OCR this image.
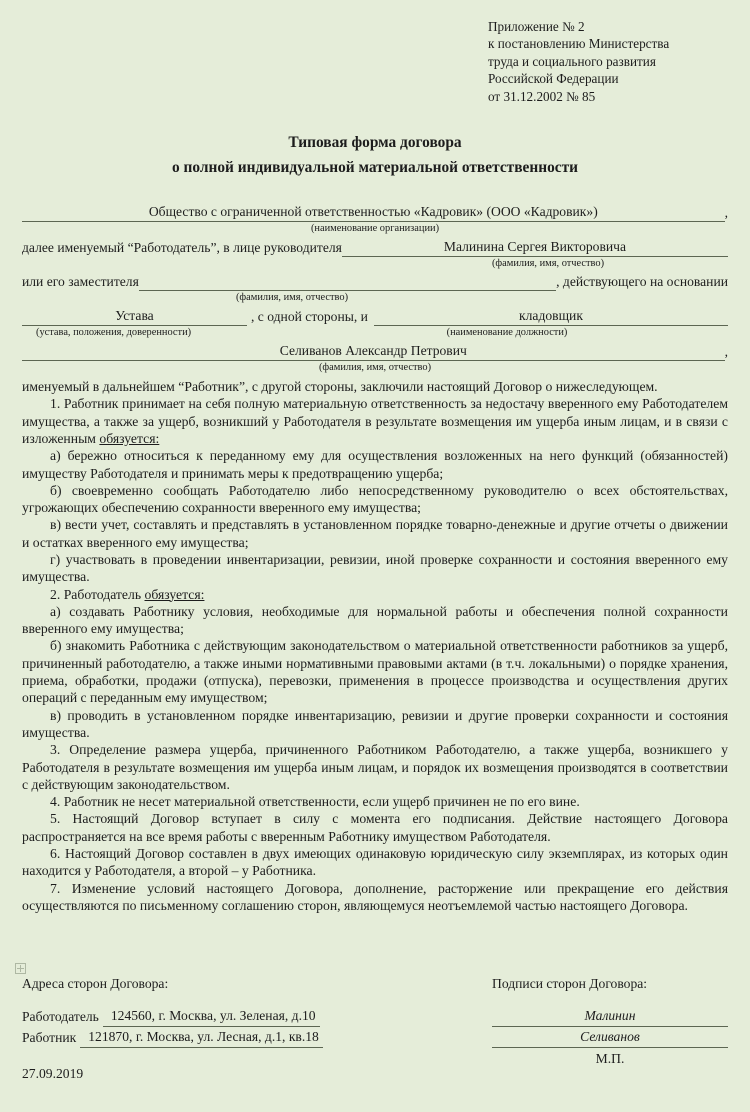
Приложение № 2
к постановлению Министерства
труда и социального развития
Российской Федерации
от 31.12.2002 № 85
Типовая форма договора
о полной индивидуальной материальной ответственности
Общество с ограниченной ответственностью «Кадровик» (ООО «Кадровик»)	,
(наименование организации)
далее именуемый “Работодатель”, в лице руководителя	Малинина Сергея Викторовича
(фамилия, имя, отчество)
или его заместителя	, действующего на основании
(фамилия, имя, отчество)
Устава	, с одной стороны, и	кладовщик
(устава, положения, доверенности)	(наименование должности)
Селиванов Александр Петрович	,
(фамилия, имя, отчество)

именуемый в дальнейшем “Работник”, с другой стороны, заключили настоящий Договор о нижеследующем.

1. Работник принимает на себя полную материальную ответственность за недостачу вверенного ему Работодателем имущества, а также за ущерб, возникший у Работодателя в результате возмещения им ущерба иным лицам, и в связи с изложенным обязуется:

а) бережно относиться к переданному ему для осуществления возложенных на него функций (обязанностей) имуществу Работодателя и принимать меры к предотвращению ущерба;

б) своевременно сообщать Работодателю либо непосредственному руководителю о всех обстоятельствах, угрожающих обеспечению сохранности вверенного ему имущества;

в) вести учет, составлять и представлять в установленном порядке товарно-денежные и другие отчеты о движении и остатках вверенного ему имущества;

г) участвовать в проведении инвентаризации, ревизии, иной проверке сохранности и состояния вверенного ему имущества.

2. Работодатель обязуется:

а) создавать Работнику условия, необходимые для нормальной работы и обеспечения полной сохранности вверенного ему имущества;

б) знакомить Работника с действующим законодательством о материальной ответственности работников за ущерб, причиненный работодателю, а также иными нормативными правовыми актами (в т.ч. локальными) о порядке хранения, приема, обработки, продажи (отпуска), перевозки, применения в процессе производства и осуществления других операций с переданным ему имуществом;

в) проводить в установленном порядке инвентаризацию, ревизии и другие проверки сохранности и состояния имущества.

3. Определение размера ущерба, причиненного Работником Работодателю, а также ущерба, возникшего у Работодателя в результате возмещения им ущерба иным лицам, и порядок их возмещения производятся в соответствии с действующим законодательством.

4. Работник не несет материальной ответственности, если ущерб причинен не по его вине.

5. Настоящий Договор вступает в силу с момента его подписания. Действие настоящего Договора распространяется на все время работы с вверенным Работнику имуществом Работодателя.

6. Настоящий Договор составлен в двух имеющих одинаковую юридическую силу экземплярах, из которых один находится у Работодателя, а второй – у Работника.

7. Изменение условий настоящего Договора, дополнение, расторжение или прекращение его действия осуществляются по письменному соглашению сторон, являющемуся неотъемлемой частью настоящего Договора.

Адреса сторон Договора:	Подписи сторон Договора:
Работодатель 124560, г. Москва, ул. Зеленая, д.10
Работник 121870, г. Москва, ул. Лесная, д.1, кв.18
Малинин
Селиванов
М.П.
27.09.2019
